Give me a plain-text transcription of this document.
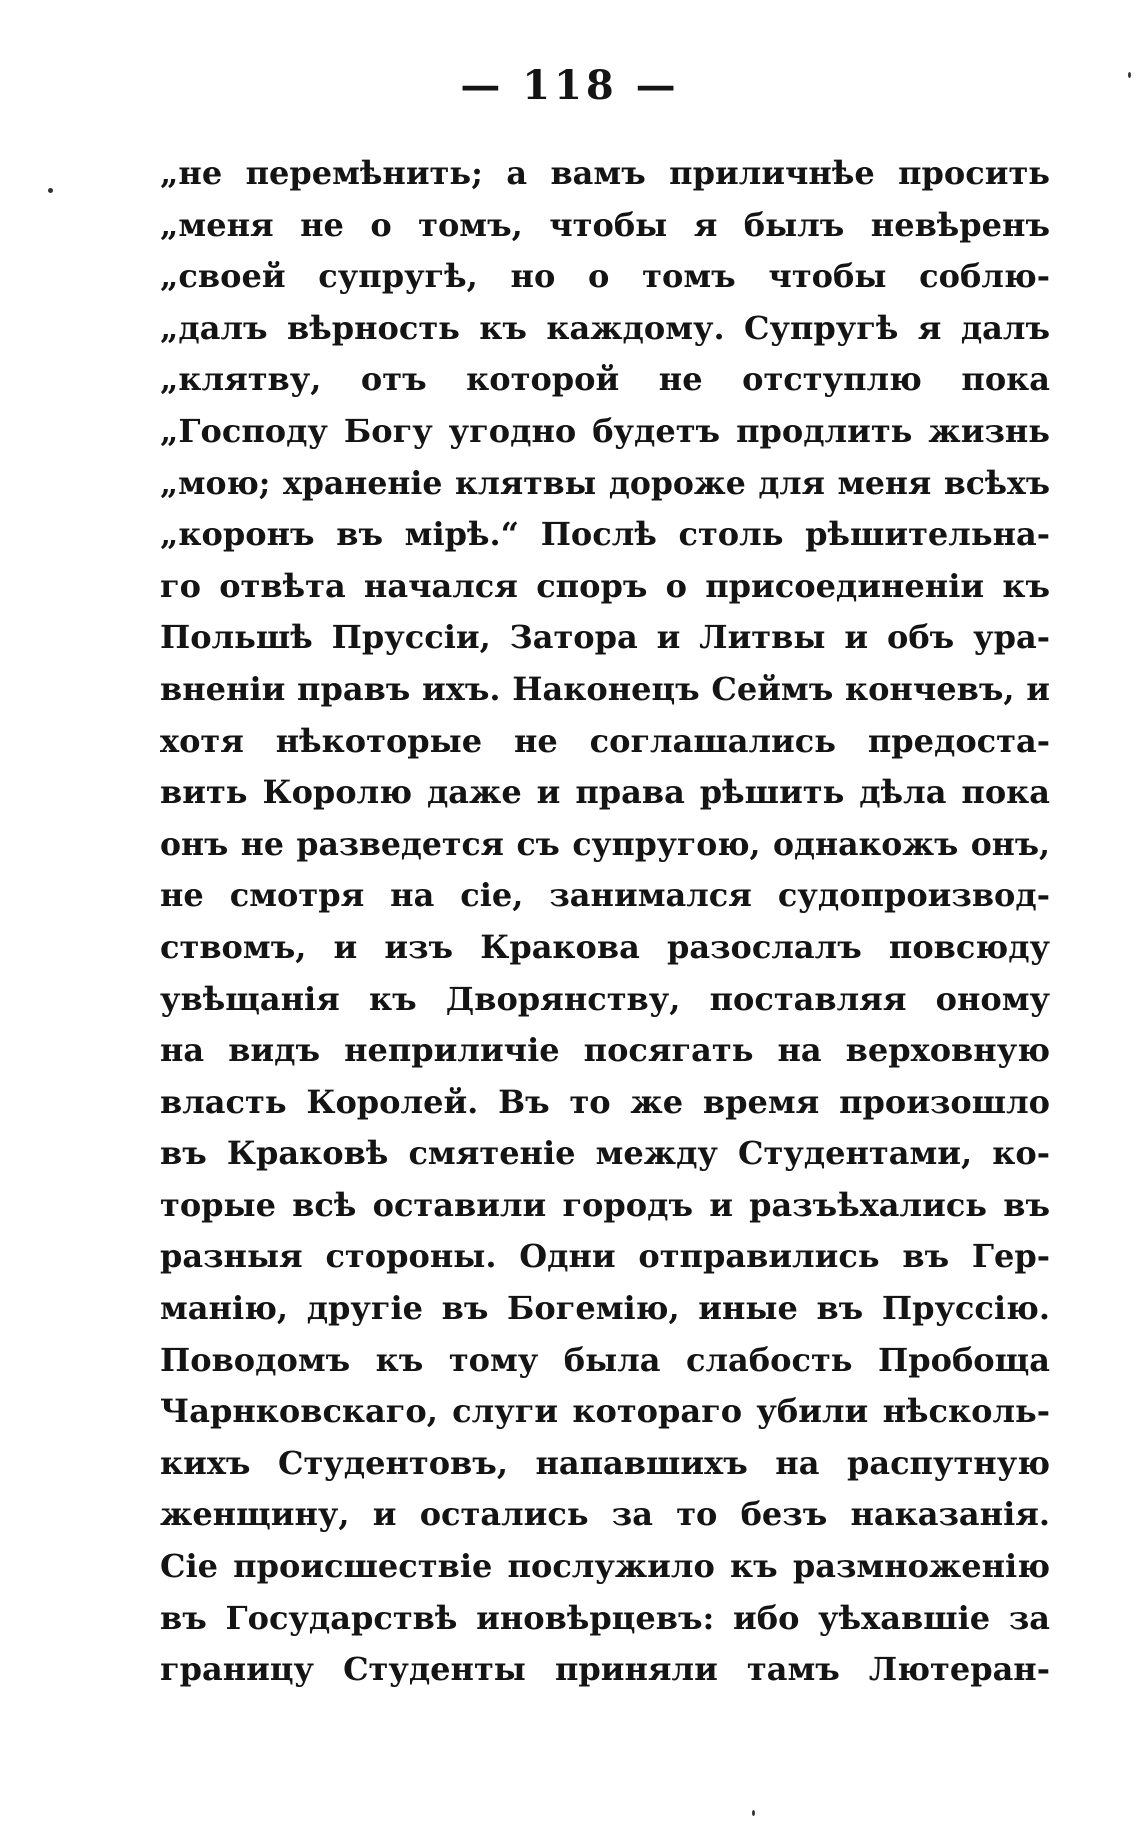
— 118 —
„не перемѣнить; а вамъ приличнѣе просить
„меня не о томъ, чтобы я былъ невѣренъ
„своей супругѣ, но о томъ чтобы соблю-
„далъ вѣрность къ каждому. Супругѣ я далъ
„клятву, отъ которой не отступлю пока
„Господу Богу угодно будетъ продлить жизнь
„мою; храненіе клятвы дороже для меня всѣхъ
„коронъ въ мірѣ.“ Послѣ столь рѣшительна-
го отвѣта начался споръ о присоединеніи къ
Польшѣ Пруссіи, Затора и Литвы и объ ура-
вненіи правъ ихъ. Наконецъ Сеймъ кончевъ, и
хотя нѣкоторые не соглашались предоста-
вить Королю даже и права рѣшить дѣла пока
онъ не разведется съ супругою, однакожъ онъ,
не смотря на сіе, занимался судопроизвод-
ствомъ, и изъ Кракова разослалъ повсюду
увѣщанія къ Дворянству, поставляя оному
на видъ неприличіе посягать на верховную
власть Королей. Въ то же время произошло
въ Краковѣ смятеніе между Студентами, ко-
торые всѣ оставили городъ и разъѣхались въ
разныя стороны. Одни отправились въ Гер-
манію, другіе въ Богемію, иные въ Пруссію.
Поводомъ къ тому была слабость Пробоща
Чарнковскаго, слуги котораго убили нѣсколь-
кихъ Студентовъ, напавшихъ на распутную
женщину, и остались за то безъ наказанія.
Сіе происшествіе послужило къ размноженію
въ Государствѣ иновѣрцевъ: ибо уѣхавшіе за
границу Студенты приняли тамъ Лютеран-
